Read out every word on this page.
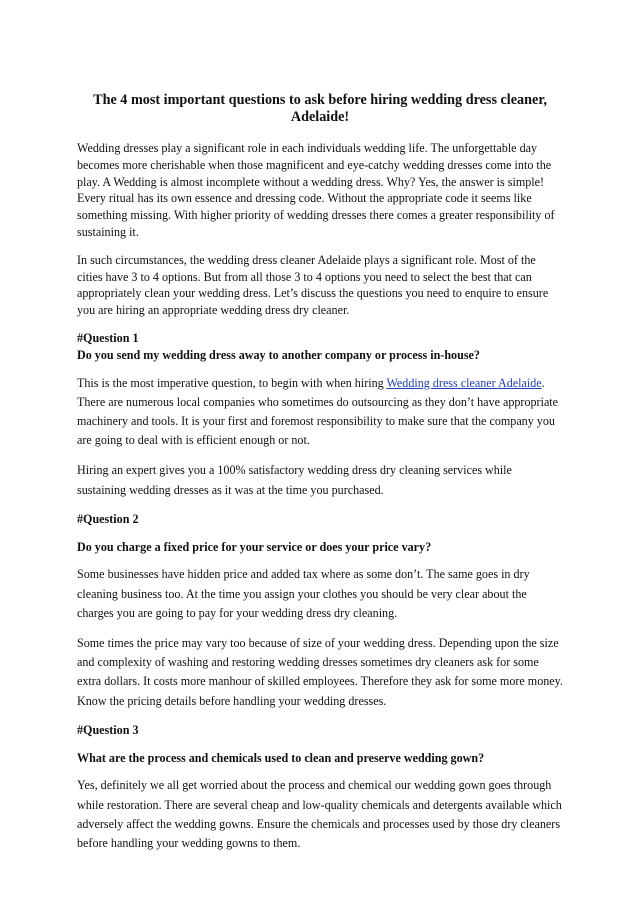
The 4 most important questions to ask before hiring wedding dress cleaner, Adelaide!

Wedding dresses play a significant role in each individuals wedding life. The unforgettable day becomes more cherishable when those magnificent and eye-catchy wedding dresses come into the play. A Wedding is almost incomplete without a wedding dress. Why? Yes, the answer is simple! Every ritual has its own essence and dressing code. Without the appropriate code it seems like something missing. With higher priority of wedding dresses there comes a greater responsibility of sustaining it.

In such circumstances, the wedding dress cleaner Adelaide plays a significant role. Most of the cities have 3 to 4 options. But from all those 3 to 4 options you need to select the best that can appropriately clean your wedding dress. Let’s discuss the questions you need to enquire to ensure you are hiring an appropriate wedding dress dry cleaner.

#Question 1
Do you send my wedding dress away to another company or process in-house?

This is the most imperative question, to begin with when hiring Wedding dress cleaner Adelaide. There are numerous local companies who sometimes do outsourcing as they don’t have appropriate machinery and tools. It is your first and foremost responsibility to make sure that the company you are going to deal with is efficient enough or not.

Hiring an expert gives you a 100% satisfactory wedding dress dry cleaning services while sustaining wedding dresses as it was at the time you purchased.

#Question 2
Do you charge a fixed price for your service or does your price vary?

Some businesses have hidden price and added tax where as some don’t. The same goes in dry cleaning business too. At the time you assign your clothes you should be very clear about the charges you are going to pay for your wedding dress dry cleaning.

Some times the price may vary too because of size of your wedding dress. Depending upon the size and complexity of washing and restoring wedding dresses sometimes dry cleaners ask for some extra dollars. It costs more manhour of skilled employees. Therefore they ask for some more money. Know the pricing details before handling your wedding dresses.

#Question 3
What are the process and chemicals used to clean and preserve wedding gown?

Yes, definitely we all get worried about the process and chemical our wedding gown goes through while restoration. There are several cheap and low-quality chemicals and detergents available which adversely affect the wedding gowns. Ensure the chemicals and processes used by those dry cleaners before handling your wedding gowns to them.
